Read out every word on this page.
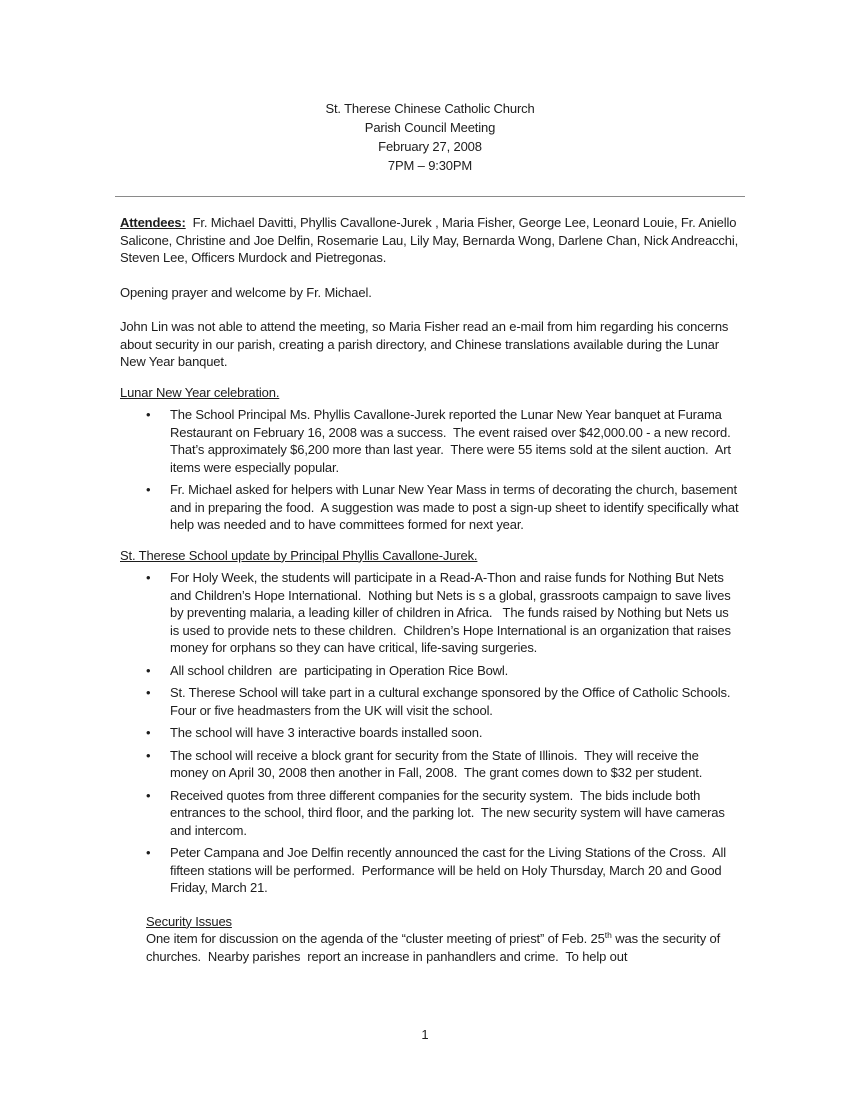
St. Therese Chinese Catholic Church
Parish Council Meeting
February 27, 2008
7PM – 9:30PM

Attendees:  Fr. Michael Davitti, Phyllis Cavallone-Jurek , Maria Fisher, George Lee, Leonard Louie, Fr. Aniello Salicone, Christine and Joe Delfin, Rosemarie Lau, Lily May, Bernarda Wong, Darlene Chan, Nick Andreacchi, Steven Lee, Officers Murdock and Pietregonas.

Opening prayer and welcome by Fr. Michael.

John Lin was not able to attend the meeting, so Maria Fisher read an e-mail from him regarding his concerns about security in our parish, creating a parish directory, and Chinese translations available during the Lunar New Year banquet.

Lunar New Year celebration.
•	The School Principal Ms. Phyllis Cavallone-Jurek reported the Lunar New Year banquet at Furama Restaurant on February 16, 2008 was a success.  The event raised over $42,000.00 - a new record.  That’s approximately $6,200 more than last year.  There were 55 items sold at the silent auction.  Art items were especially popular.
•	Fr. Michael asked for helpers with Lunar New Year Mass in terms of decorating the church, basement and in preparing the food.  A suggestion was made to post a sign-up sheet to identify specifically what help was needed and to have committees formed for next year.
St. Therese School update by Principal Phyllis Cavallone-Jurek.
•	For Holy Week, the students will participate in a Read-A-Thon and raise funds for Nothing But Nets and Children’s Hope International.  Nothing but Nets is s a global, grassroots campaign to save lives by preventing malaria, a leading killer of children in Africa.   The funds raised by Nothing but Nets us is used to provide nets to these children.  Children’s Hope International is an organization that raises money for orphans so they can have critical, life-saving surgeries.
•	All school children  are  participating in Operation Rice Bowl.
•	St. Therese School will take part in a cultural exchange sponsored by the Office of Catholic Schools.  Four or five headmasters from the UK will visit the school.
•	The school will have 3 interactive boards installed soon.
•	The school will receive a block grant for security from the State of Illinois.  They will receive the money on April 30, 2008 then another in Fall, 2008.  The grant comes down to $32 per student.
•	Received quotes from three different companies for the security system.  The bids include both entrances to the school, third floor, and the parking lot.  The new security system will have cameras and intercom.
•	Peter Campana and Joe Delfin recently announced the cast for the Living Stations of the Cross.  All fifteen stations will be performed.  Performance will be held on Holy Thursday, March 20 and Good Friday, March 21.
Security Issues

One item for discussion on the agenda of the “cluster meeting of priest” of Feb. 25th was the security of churches.  Nearby parishes  report an increase in panhandlers and crime.  To help out

1
